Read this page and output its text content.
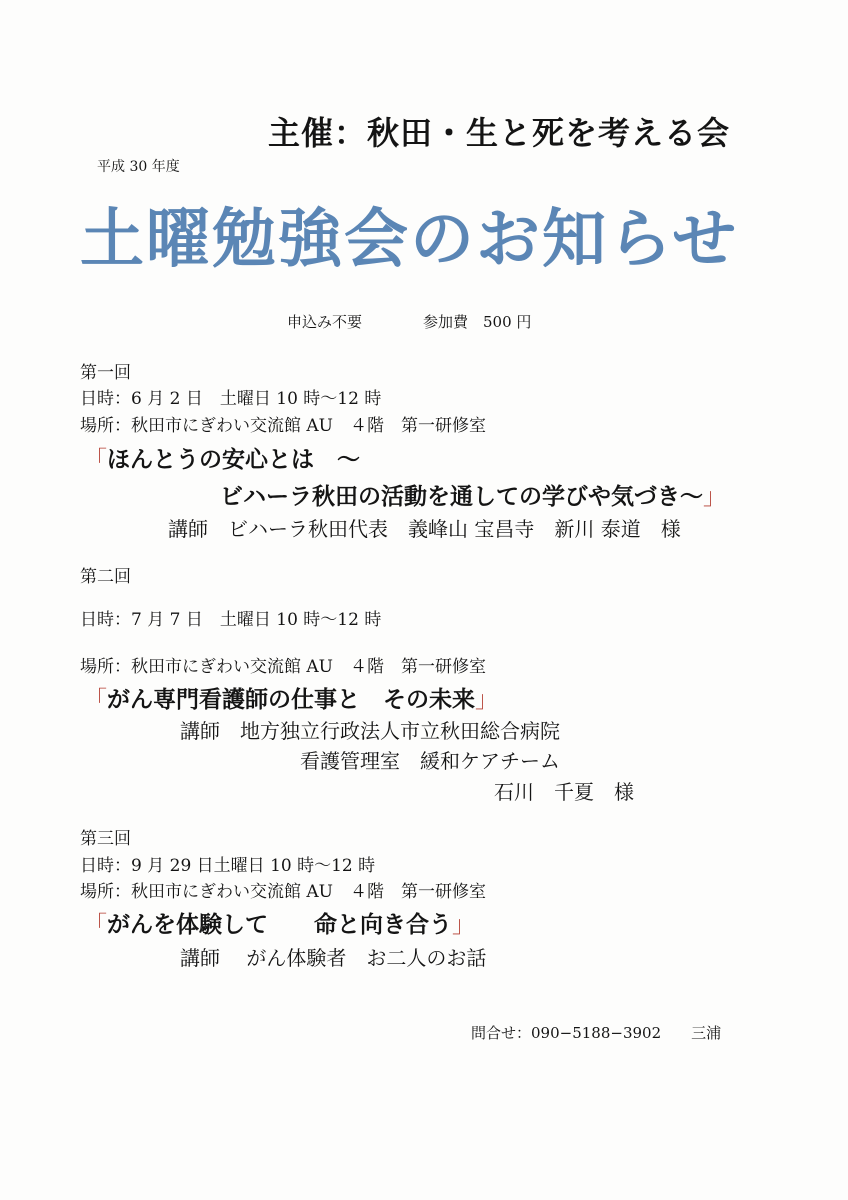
主催：秋田・生と死を考える会
平成 30 年度
土曜勉強会のお知らせ
申込み不要	参加費　500 円
第一回
日時：6 月 2 日　土曜日 10 時～12 時
場所：秋田市にぎわい交流館 AU　４階　第一研修室
「ほんとうの安心とは　～
ビハーラ秋田の活動を通しての学びや気づき～」
講師　ビハーラ秋田代表　義峰山 宝昌寺　新川 泰道　様
第二回
日時：7 月 7 日　土曜日 10 時～12 時
場所：秋田市にぎわい交流館 AU　４階　第一研修室
「がん専門看護師の仕事と　その未来」
講師　地方独立行政法人市立秋田総合病院
看護管理室　緩和ケアチーム
石川　千夏　様
第三回
日時：9 月 29 日土曜日 10 時～12 時
場所：秋田市にぎわい交流館 AU　４階　第一研修室
「がんを体験して　　命と向き合う」
講師　 がん体験者　お二人のお話
問合せ：090−5188−3902　　三浦
